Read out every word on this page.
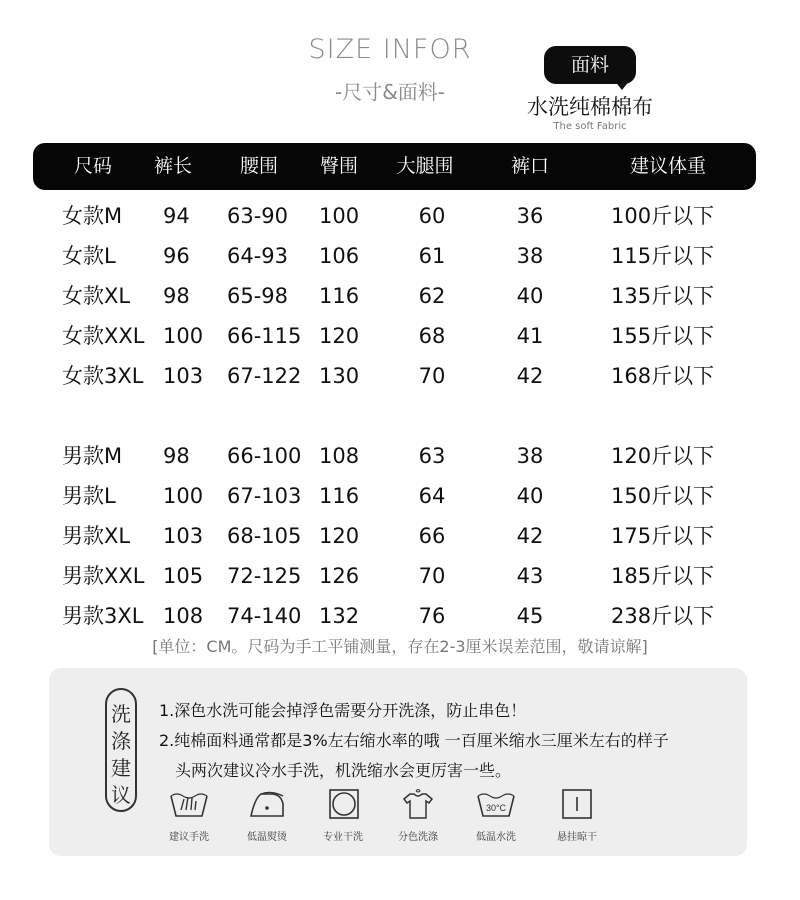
SIZE INFOR
-尺寸&面料-
面料
水洗纯棉棉布
The soft Fabric
尺码	裤长	腰围	臀围	大腿围	裤口	建议体重
女款M 94 63-90 100	60	36	100斤以下
女款L 96 64-93 106	61	38	115斤以下
女款XL 98 65-98 116	62	40	135斤以下
女款XXL 100 66-115 120	68	41	155斤以下
女款3XL 103 67-122 130	70	42	168斤以下
男款M 98 66-100 108	63	38	120斤以下
男款L 100 67-103 116	64	40	150斤以下
男款XL 103 68-105 120	66	42	175斤以下
男款XXL 105 72-125 126	70	43	185斤以下
男款3XL 108 74-140 132	76	45	238斤以下
[单位：CM。尺码为手工平铺测量，存在2-3厘米误差范围，敬请谅解]
洗
涤
建
议
1.深色水洗可能会掉浮色需要分开洗涤，防止串色！
2.纯棉面料通常都是3%左右缩水率的哦 一百厘米缩水三厘米左右的样子
头两次建议冷水手洗，机洗缩水会更厉害一些。
建议手洗	低温熨烫	专业干洗	分色洗涤
30°C
低温水洗	悬挂晾干
